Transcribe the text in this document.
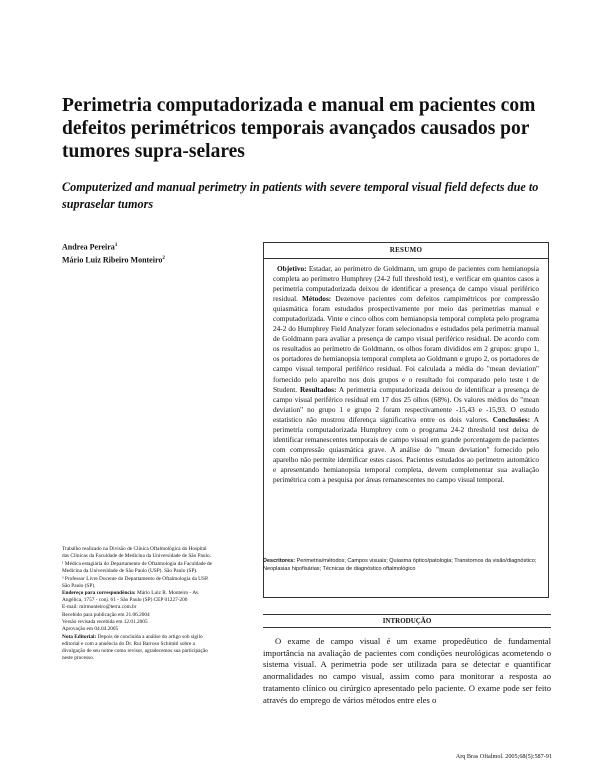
Perimetria computadorizada e manual em pacientes com defeitos perimétricos temporais avançados causados por tumores supra-selares
Computerized and manual perimetry in patients with severe temporal visual field defects due to supraselar tumors
Andrea Pereira$^1$
Mário Luiz Ribeiro Monteiro$^2$
RESUMO
Objetivo: Estadar, ao perímetro de Goldmann, um grupo de pacientes com hemianopsia completa ao perímetro Humphrey (24-2 full threshold test), e verificar em quantos casos a perimetria computadorizada deixou de identificar a presença de campo visual periférico residual. Métodos: Dezenove pacientes com defeitos campimétricos por compressão quiasmática foram estudados prospectivamente por meio das perimetrias manual e computadorizada. Vinte e cinco olhos com hemianopsia temporal completa pelo programa 24-2 do Humphrey Field Analyzer foram selecionados e estudados pela perimetria manual de Goldmann para avaliar a presença de campo visual periférico residual. De acordo com os resultados ao perímetro de Goldmann, os olhos foram divididos em 2 grupos: grupo 1, os portadores de hemianopsia temporal completa ao Goldmann e grupo 2, os portadores de campo visual temporal periférico residual. Foi calculada a média do "mean deviation" fornecido pelo aparelho nos dois grupos e o resultado foi comparado pelo teste t de Student. Resultados: A perimetria computadorizada deixou de identificar a presença de campo visual periférico residual em 17 dos 25 olhos (68%). Os valores médios do "mean deviation" no grupo 1 e grupo 2 foram respectivamente -15,43 e -15,93. O estudo estatístico não mostrou diferença significativa entre os dois valores. Conclusões: A perimetria computadorizada Humphrey com o programa 24-2 threshold test deixa de identificar remanescentes temporais de campo visual em grande porcentagem de pacientes com compressão quiasmática grave. A análise do "mean deviation" fornecido pelo aparelho não permite identificar estes casos. Pacientes estudados ao perímetro automático e apresentando hemianopsia temporal completa, devem complementar sua avaliação perimétrica com a pesquisa por áreas remanescentes no campo visual temporal.
Descritores: Perimetria/métodos; Campos visuais; Quiasma óptico/patologia; Transtornos da visão/diagnóstico; Neoplasias hipofisárias; Técnicas de diagnóstico oftalmológico

Trabalho realizado na Divisão de Clínica Oftalmológica do Hospital das Clínicas da Faculdade de Medicina da Universidade de São Paulo.

¹ Médica estagiária do Departamento de Oftalmologia da Faculdade de Medicina da Universidade de São Paulo (USP). São Paulo (SP).

² Professor Livre Docente do Departamento de Oftalmologia da USP. São Paulo (SP).

Endereço para correspondência: Mário Luiz R. Monteiro - Av. Angélica, 1757 - conj. 61 - São Paulo (SP) CEP 01227-200
E-mail: mlrmonteiro@terra.com.br

Recebido para publicação em 21.06.2004
Versão revisada recebida em 12.01.2005
Aprovação em 04.04.2005

Nota Editorial: Depois de concluída a análise do artigo sob sigilo editorial e com a anuência do Dr. Rui Barroso Schimiti sobre a divulgação de seu nome como revisor, agradecemos sua participação neste processo.

INTRODUÇÃO

O exame de campo visual é um exame propedêutico de fundamental importância na avaliação de pacientes com condições neurológicas acometendo o sistema visual. A perimetria pode ser utilizada para se detectar e quantificar anormalidades no campo visual, assim como para monitorar a resposta ao tratamento clínico ou cirúrgico apresentado pelo paciente. O exame pode ser feito através do emprego de vários métodos entre eles o

Arq Bras Oftalmol. 2005;68(5):587-91
